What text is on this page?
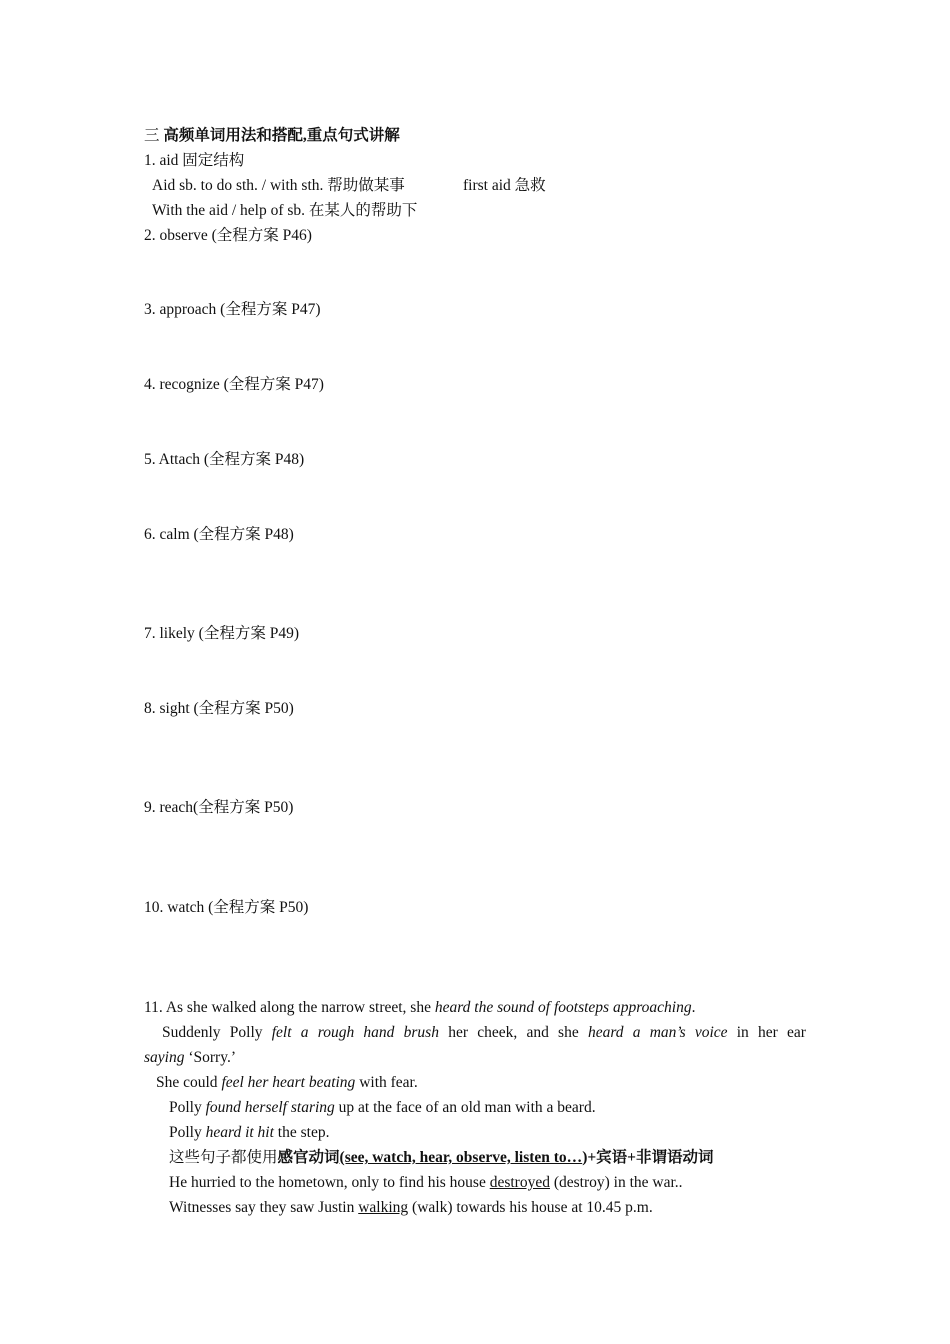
三 高频单词用法和搭配,重点句式讲解
1. aid 固定结构
Aid sb. to do sth. / with sth. 帮助做某事	first aid 急救
With the aid / help of sb. 在某人的帮助下
2. observe (全程方案 P46)
3. approach (全程方案 P47)
4. recognize (全程方案 P47)
5. Attach (全程方案 P48)
6. calm (全程方案 P48)
7. likely (全程方案 P49)
8. sight (全程方案 P50)
9. reach(全程方案 P50)
10. watch (全程方案 P50)
11. As she walked along the narrow street, she heard the sound of footsteps approaching.
Suddenly Polly felt a rough hand brush her cheek, and she heard a man’s voice in her ear
saying ‘Sorry.’
She could feel her heart beating with fear.
Polly found herself staring up at the face of an old man with a beard.
Polly heard it hit the step.
这些句子都使用感官动词(see, watch, hear, observe, listen to…)+宾语+非谓语动词
He hurried to the hometown, only to find his house destroyed (destroy) in the war..
Witnesses say they saw Justin walking (walk) towards his house at 10.45 p.m.
